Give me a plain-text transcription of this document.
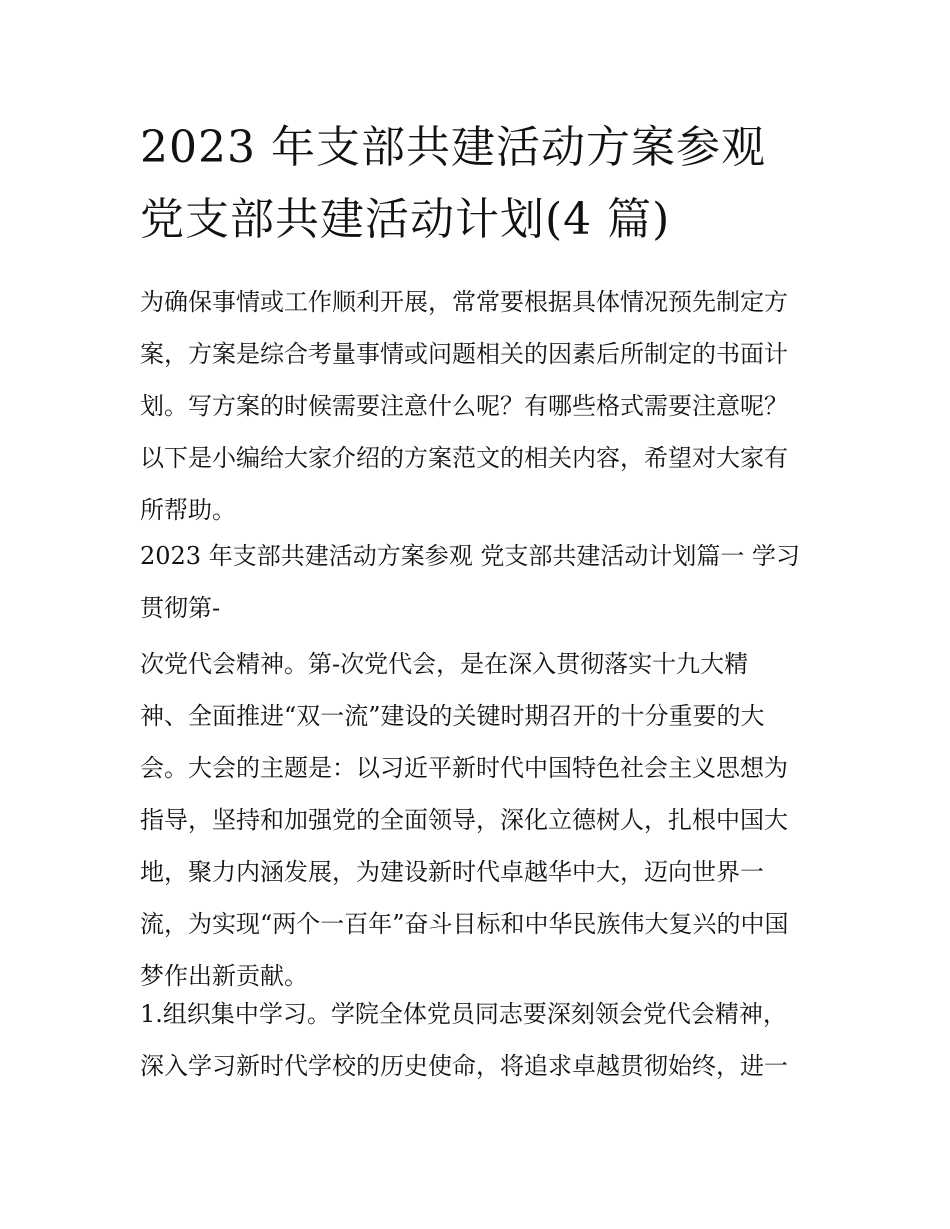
2023 年支部共建活动方案参观
党支部共建活动计划(4 篇)
为确保事情或工作顺利开展，常常要根据具体情况预先制定方
案，方案是综合考量事情或问题相关的因素后所制定的书面计
划。写方案的时候需要注意什么呢？有哪些格式需要注意呢？
以下是小编给大家介绍的方案范文的相关内容，希望对大家有
所帮助。
2023 年支部共建活动方案参观 党支部共建活动计划篇一 学习
贯彻第-
次党代会精神。第-次党代会，是在深入贯彻落实十九大精
神、全面推进“双一流”建设的关键时期召开的十分重要的大
会。大会的主题是：以习近平新时代中国特色社会主义思想为
指导，坚持和加强党的全面领导，深化立德树人，扎根中国大
地，聚力内涵发展，为建设新时代卓越华中大，迈向世界一
流，为实现“两个一百年”奋斗目标和中华民族伟大复兴的中国
梦作出新贡献。
1.组织集中学习。学院全体党员同志要深刻领会党代会精神，
深入学习新时代学校的历史使命，将追求卓越贯彻始终，进一
